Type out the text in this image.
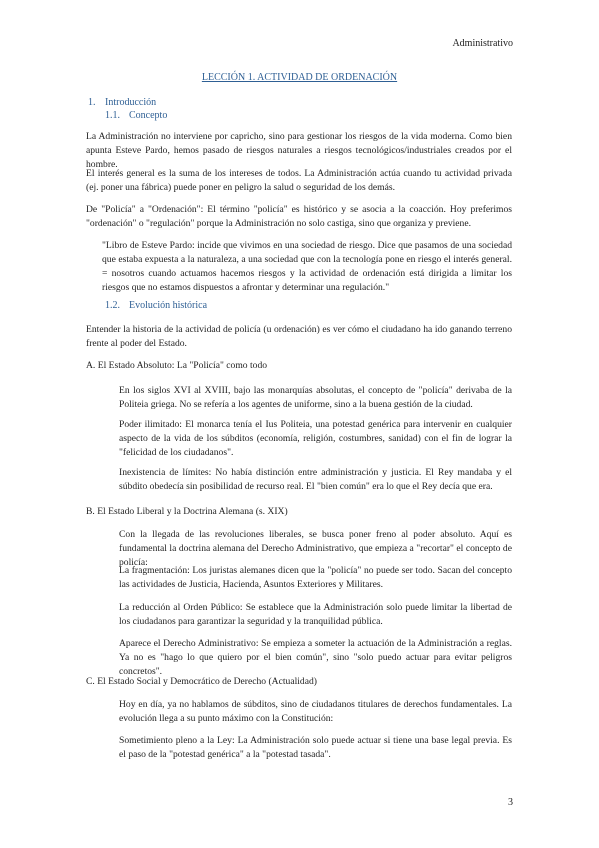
Administrativo
LECCIÓN 1. ACTIVIDAD DE ORDENACIÓN
1. Introducción
1.1. Concepto

La Administración no interviene por capricho, sino para gestionar los riesgos de la vida moderna. Como bien apunta Esteve Pardo, hemos pasado de riesgos naturales a riesgos tecnológicos/industriales creados por el hombre.

El interés general es la suma de los intereses de todos. La Administración actúa cuando tu actividad privada (ej. poner una fábrica) puede poner en peligro la salud o seguridad de los demás.

De "Policía" a "Ordenación": El término "policía" es histórico y se asocia a la coacción. Hoy preferimos "ordenación" o "regulación" porque la Administración no solo castiga, sino que organiza y previene.

"Libro de Esteve Pardo: incide que vivimos en una sociedad de riesgo. Dice que pasamos de una sociedad que estaba expuesta a la naturaleza, a una sociedad que con la tecnología pone en riesgo el interés general. = nosotros cuando actuamos hacemos riesgos y la actividad de ordenación está dirigida a limitar los riesgos que no estamos dispuestos a afrontar y determinar una regulación."

1.2. Evolución histórica

Entender la historia de la actividad de policía (u ordenación) es ver cómo el ciudadano ha ido ganando terreno frente al poder del Estado.

A. El Estado Absoluto: La "Policía" como todo

En los siglos XVI al XVIII, bajo las monarquías absolutas, el concepto de "policía" derivaba de la Politeia griega. No se refería a los agentes de uniforme, sino a la buena gestión de la ciudad.

Poder ilimitado: El monarca tenía el Ius Politeia, una potestad genérica para intervenir en cualquier aspecto de la vida de los súbditos (economía, religión, costumbres, sanidad) con el fin de lograr la "felicidad de los ciudadanos".

Inexistencia de límites: No había distinción entre administración y justicia. El Rey mandaba y el súbdito obedecía sin posibilidad de recurso real. El "bien común" era lo que el Rey decía que era.

B. El Estado Liberal y la Doctrina Alemana (s. XIX)

Con la llegada de las revoluciones liberales, se busca poner freno al poder absoluto. Aquí es fundamental la doctrina alemana del Derecho Administrativo, que empieza a "recortar" el concepto de policía:

La fragmentación: Los juristas alemanes dicen que la "policía" no puede ser todo. Sacan del concepto las actividades de Justicia, Hacienda, Asuntos Exteriores y Militares.

La reducción al Orden Público: Se establece que la Administración solo puede limitar la libertad de los ciudadanos para garantizar la seguridad y la tranquilidad pública.

Aparece el Derecho Administrativo: Se empieza a someter la actuación de la Administración a reglas. Ya no es "hago lo que quiero por el bien común", sino "solo puedo actuar para evitar peligros concretos".

C. El Estado Social y Democrático de Derecho (Actualidad)

Hoy en día, ya no hablamos de súbditos, sino de ciudadanos titulares de derechos fundamentales. La evolución llega a su punto máximo con la Constitución:

Sometimiento pleno a la Ley: La Administración solo puede actuar si tiene una base legal previa. Es el paso de la "potestad genérica" a la "potestad tasada".

3
